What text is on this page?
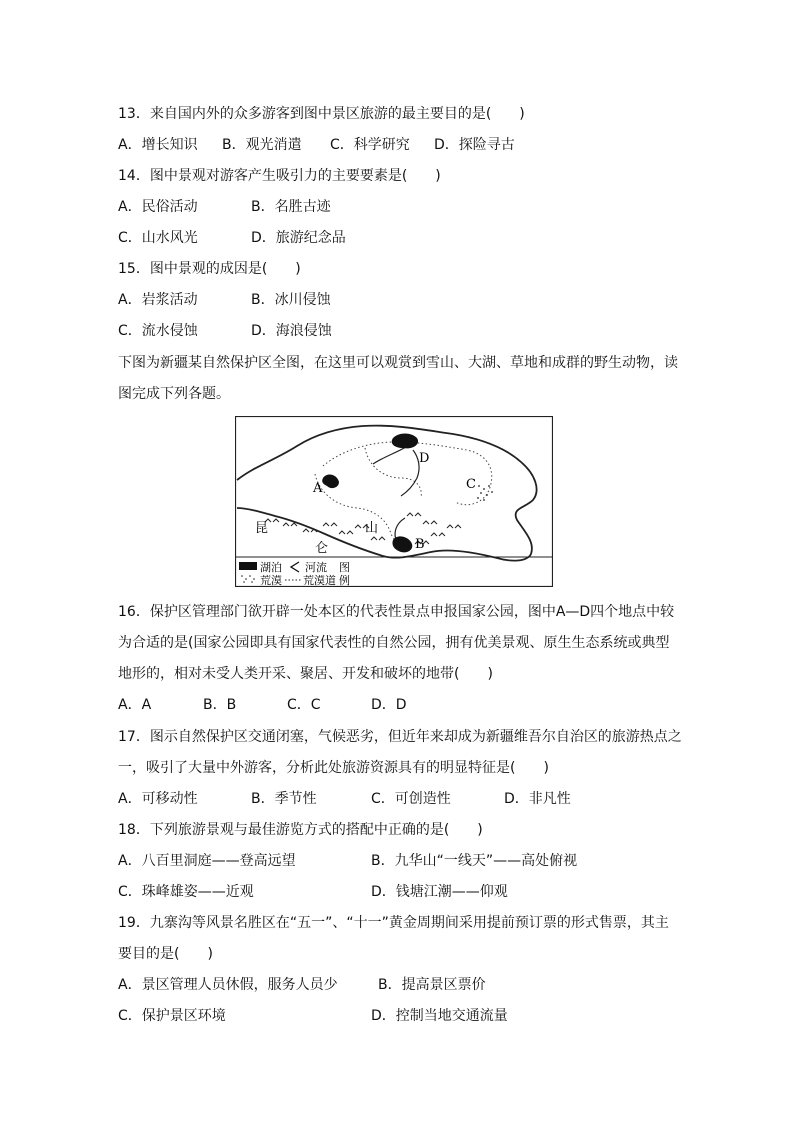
13．来自国内外的众多游客到图中景区旅游的最主要目的是(　　)
A．增长知识 B．观光消遣 C．科学研究 D．探险寻古
14．图中景观对游客产生吸引力的主要要素是(　　)
A．民俗活动	B．名胜古迹
C．山水风光	D．旅游纪念品
15．图中景观的成因是(　　)
A．岩浆活动	B．冰川侵蚀
C．流水侵蚀	D．海浪侵蚀
下图为新疆某自然保护区全图，在这里可以观赏到雪山、大湖、草地和成群的野生动物，读
图完成下列各题。
A
B
C
D
昆
仑
山
湖泊 河流 图
荒漠 荒漠道 例
16．保护区管理部门欲开辟一处本区的代表性景点申报国家公园，图中A—D四个地点中较
为合适的是(国家公园即具有国家代表性的自然公园，拥有优美景观、原生生态系统或典型
地形的，相对未受人类开采、聚居、开发和破坏的地带(　　)
A．A	B．B	C．C	D．D
17．图示自然保护区交通闭塞，气候恶劣，但近年来却成为新疆维吾尔自治区的旅游热点之
一，吸引了大量中外游客，分析此处旅游资源具有的明显特征是(　　)
A．可移动性	B．季节性	C．可创造性	D．非凡性
18．下列旅游景观与最佳游览方式的搭配中正确的是(　　)
A．八百里洞庭——登高远望	B．九华山“一线天”——高处俯视
C．珠峰雄姿——近观	D．钱塘江潮——仰观
19．九寨沟等风景名胜区在“五一”、“十一”黄金周期间采用提前预订票的形式售票，其主
要目的是(　　)
A．景区管理人员休假，服务人员少	B．提高景区票价
C．保护景区环境	D．控制当地交通流量
